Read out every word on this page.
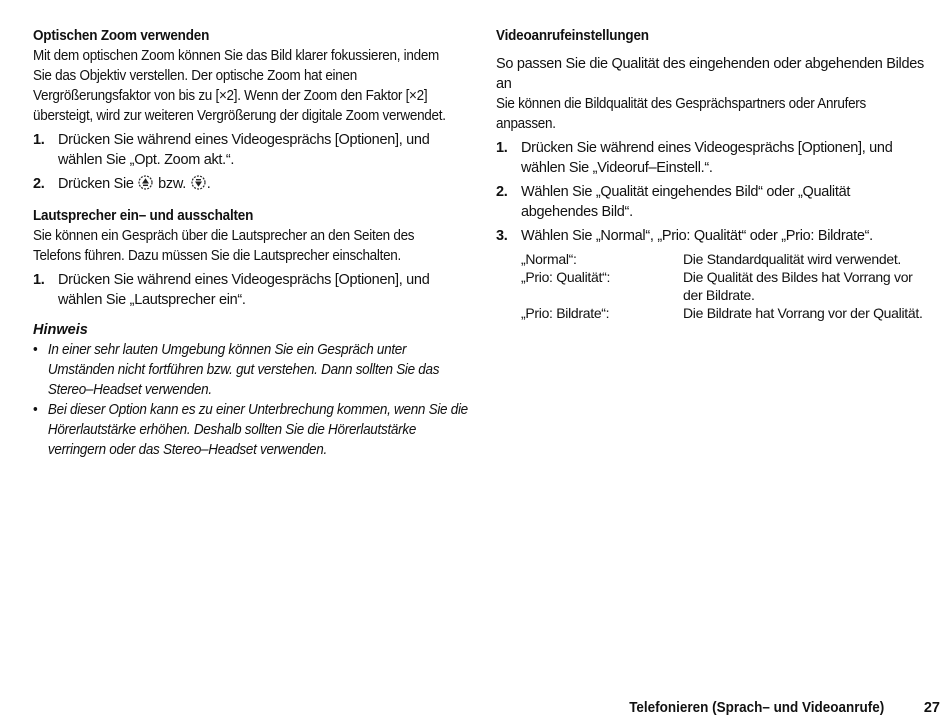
Optischen Zoom verwenden
Mit dem optischen Zoom können Sie das Bild klarer fokussieren, indem Sie das Objektiv verstellen. Der optische Zoom hat einen Vergrößerungsfaktor von bis zu [×2]. Wenn der Zoom den Faktor [×2] übersteigt, wird zur weiteren Vergrößerung der digitale Zoom verwendet.
1. Drücken Sie während eines Videogesprächs [Optionen], und wählen Sie „Opt. Zoom akt.“.
2. Drücken Sie bzw. .
Lautsprecher ein– und ausschalten
Sie können ein Gespräch über die Lautsprecher an den Seiten des Telefons führen. Dazu müssen Sie die Lautsprecher einschalten.
1. Drücken Sie während eines Videogesprächs [Optionen], und wählen Sie „Lautsprecher ein“.
Hinweis
• In einer sehr lauten Umgebung können Sie ein Gespräch unter Umständen nicht fortführen bzw. gut verstehen. Dann sollten Sie das Stereo–Headset verwenden.
• Bei dieser Option kann es zu einer Unterbrechung kommen, wenn Sie die Hörerlautstärke erhöhen. Deshalb sollten Sie die Hörerlautstärke verringern oder das Stereo–Headset verwenden.
Videoanrufeinstellungen
So passen Sie die Qualität des eingehenden oder abgehenden Bildes an
Sie können die Bildqualität des Gesprächspartners oder Anrufers anpassen.
1. Drücken Sie während eines Videogesprächs [Optionen], und wählen Sie „Videoruf–Einstell.“.
2. Wählen Sie „Qualität eingehendes Bild“ oder „Qualität abgehendes Bild“.
3. Wählen Sie „Normal“, „Prio: Qualität“ oder „Prio: Bildrate“.
„Normal“:	Die Standardqualität wird verwendet.
„Prio: Qualität“:	Die Qualität des Bildes hat Vorrang vor der Bildrate.
„Prio: Bildrate“:	Die Bildrate hat Vorrang vor der Qualität.
Telefonieren (Sprach– und Videoanrufe)	27
